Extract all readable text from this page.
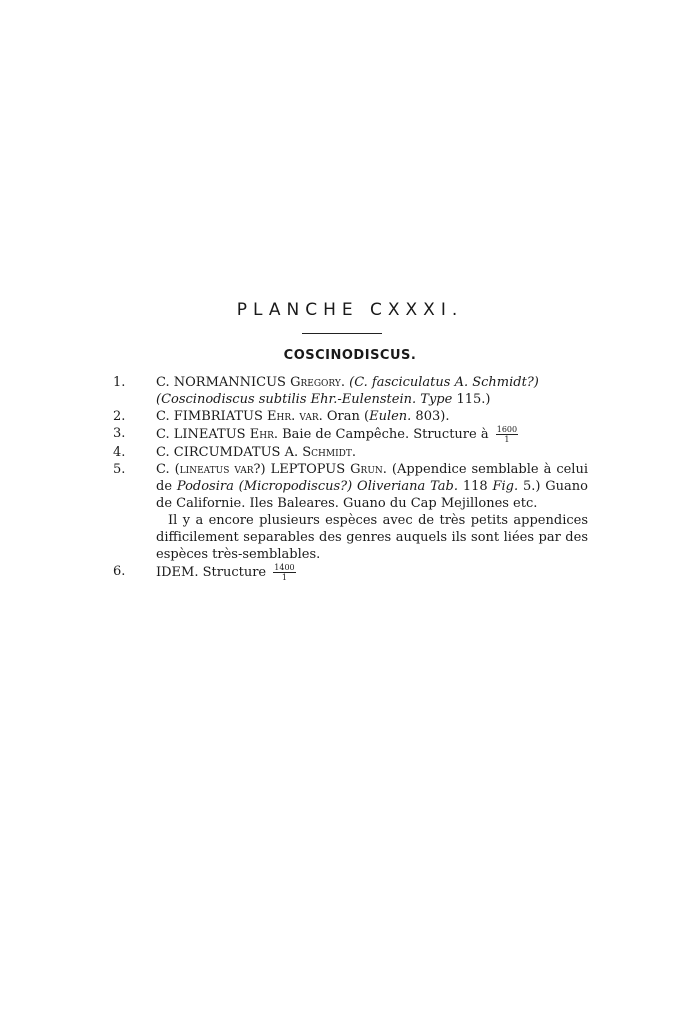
PLANCHE CXXXI.
COSCINODISCUS.
1.	C. NORMANNICUS Gregory. (C. fasciculatus A. Schmidt?)
(Coscinodiscus subtilis Ehr.-Eulenstein. Type 115.)
2.	C. FIMBRIATUS Ehr. var. Oran (Eulen. 803).
3.	C. LINEATUS Ehr. Baie de Campêche. Structure à $\frac{1600}{1}$
4.	C. CIRCUMDATUS A. Schmidt.
5.	C. (lineatus var?) LEPTOPUS Grun. (Appendice semblable à celui de Podosira (Micropodiscus?) Oliveriana Tab. 118 Fig. 5.) Guano de Californie. Iles Baleares. Guano du Cap Mejillones etc.
Il y a encore plusieurs espèces avec de très petits appendices difficilement separables des genres auquels ils sont liées par des espèces très-semblables.
6.	IDEM. Structure $\frac{1400}{1}$
